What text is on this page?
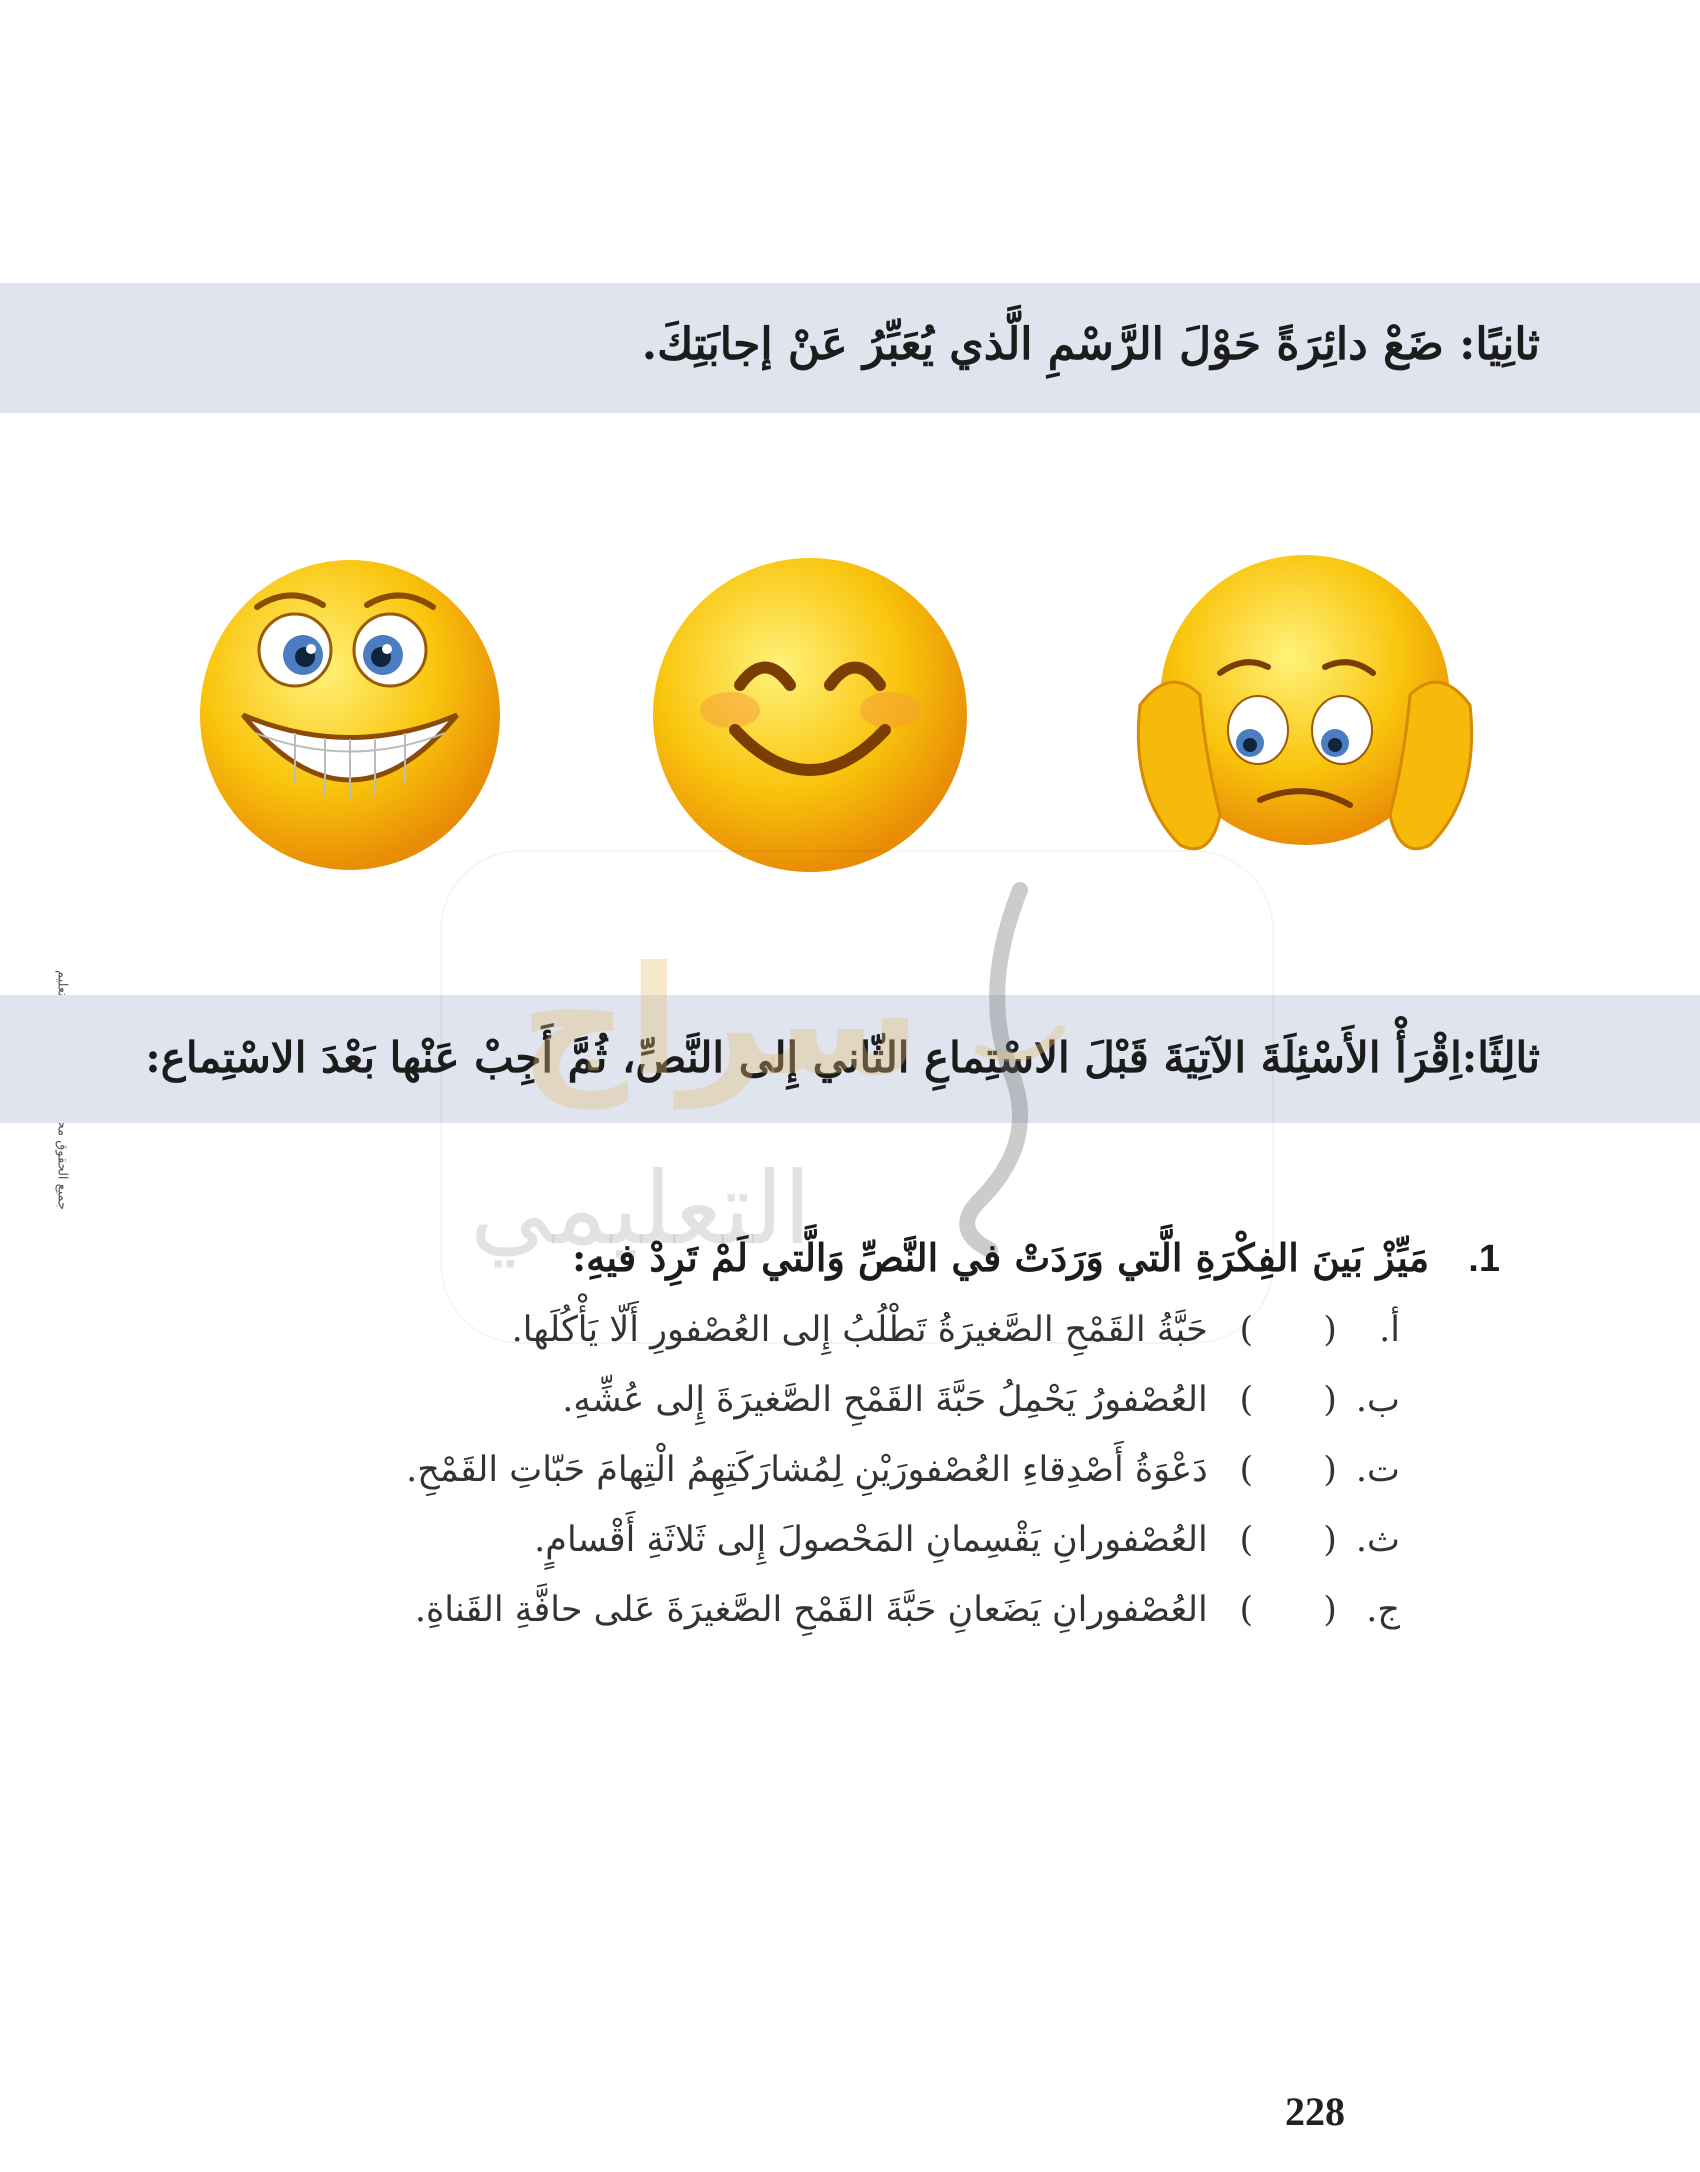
ثانِيًا: ضَعْ دائِرَةً حَوْلَ الرَّسْمِ الَّذي يُعَبِّرُ عَنْ إجابَتِكَ.
ثالِثًا:اِقْرَأْ الأَسْئِلَةَ الآتِيَةَ قَبْلَ الاسْتِماعِ الثّاني إِلى النَّصِّ، ثُمَّ أَجِبْ عَنْها بَعْدَ الاسْتِماع:
سراج
التعليمي	1. مَيِّزْ بَينَ الفِكْرَةِ الَّتي وَرَدَتْ في النَّصِّ وَالَّتي لَمْ تَرِدْ فيهِ:
أ. () حَبَّةُ القَمْحِ الصَّغيرَةُ تَطْلُبُ إِلى العُصْفورِ أَلّا يَأْكُلَها.
ب. () العُصْفورُ يَحْمِلُ حَبَّةَ القَمْحِ الصَّغيرَةَ إِلى عُشِّهِ.
ت. () دَعْوَةُ أَصْدِقاءِ العُصْفورَيْنِ لِمُشارَكَتِهِمُ الْتِهامَ حَبّاتِ القَمْحِ.
ث. () العُصْفورانِ يَقْسِمانِ المَحْصولَ إِلى ثَلاثَةِ أَقْسامٍ.
ج. () العُصْفورانِ يَضَعانِ حَبَّةَ القَمْحِ الصَّغيرَةَ عَلى حافَّةِ القَناةِ.
228
